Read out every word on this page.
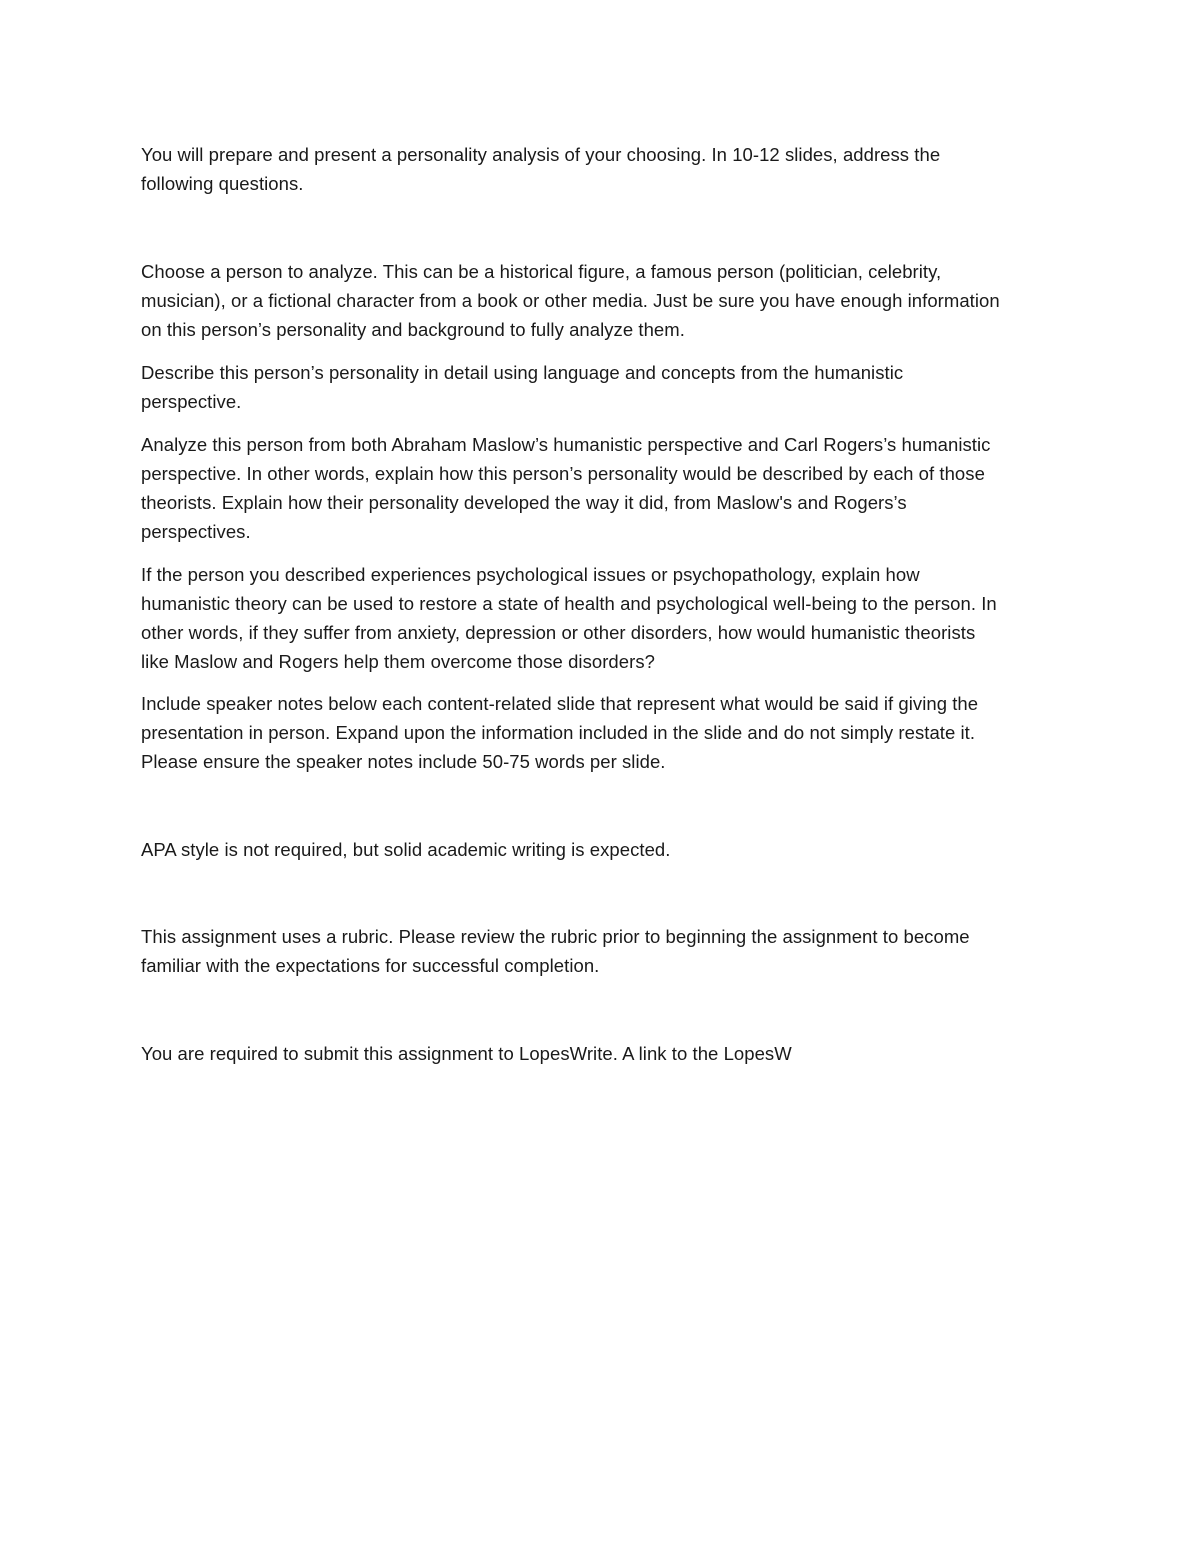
You will prepare and present a personality analysis of your choosing. In 10-12 slides, address the
following questions.

Choose a person to analyze. This can be a historical figure, a famous person (politician, celebrity,
musician), or a fictional character from a book or other media. Just be sure you have enough information
on this person’s personality and background to fully analyze them.

Describe this person’s personality in detail using language and concepts from the humanistic
perspective.

Analyze this person from both Abraham Maslow’s humanistic perspective and Carl Rogers’s humanistic
perspective. In other words, explain how this person’s personality would be described by each of those
theorists. Explain how their personality developed the way it did, from Maslow's and Rogers’s
perspectives.

If the person you described experiences psychological issues or psychopathology, explain how
humanistic theory can be used to restore a state of health and psychological well-being to the person. In
other words, if they suffer from anxiety, depression or other disorders, how would humanistic theorists
like Maslow and Rogers help them overcome those disorders?

Include speaker notes below each content-related slide that represent what would be said if giving the
presentation in person. Expand upon the information included in the slide and do not simply restate it.
Please ensure the speaker notes include 50-75 words per slide.

APA style is not required, but solid academic writing is expected.

This assignment uses a rubric. Please review the rubric prior to beginning the assignment to become
familiar with the expectations for successful completion.

You are required to submit this assignment to LopesWrite. A link to the LopesW
